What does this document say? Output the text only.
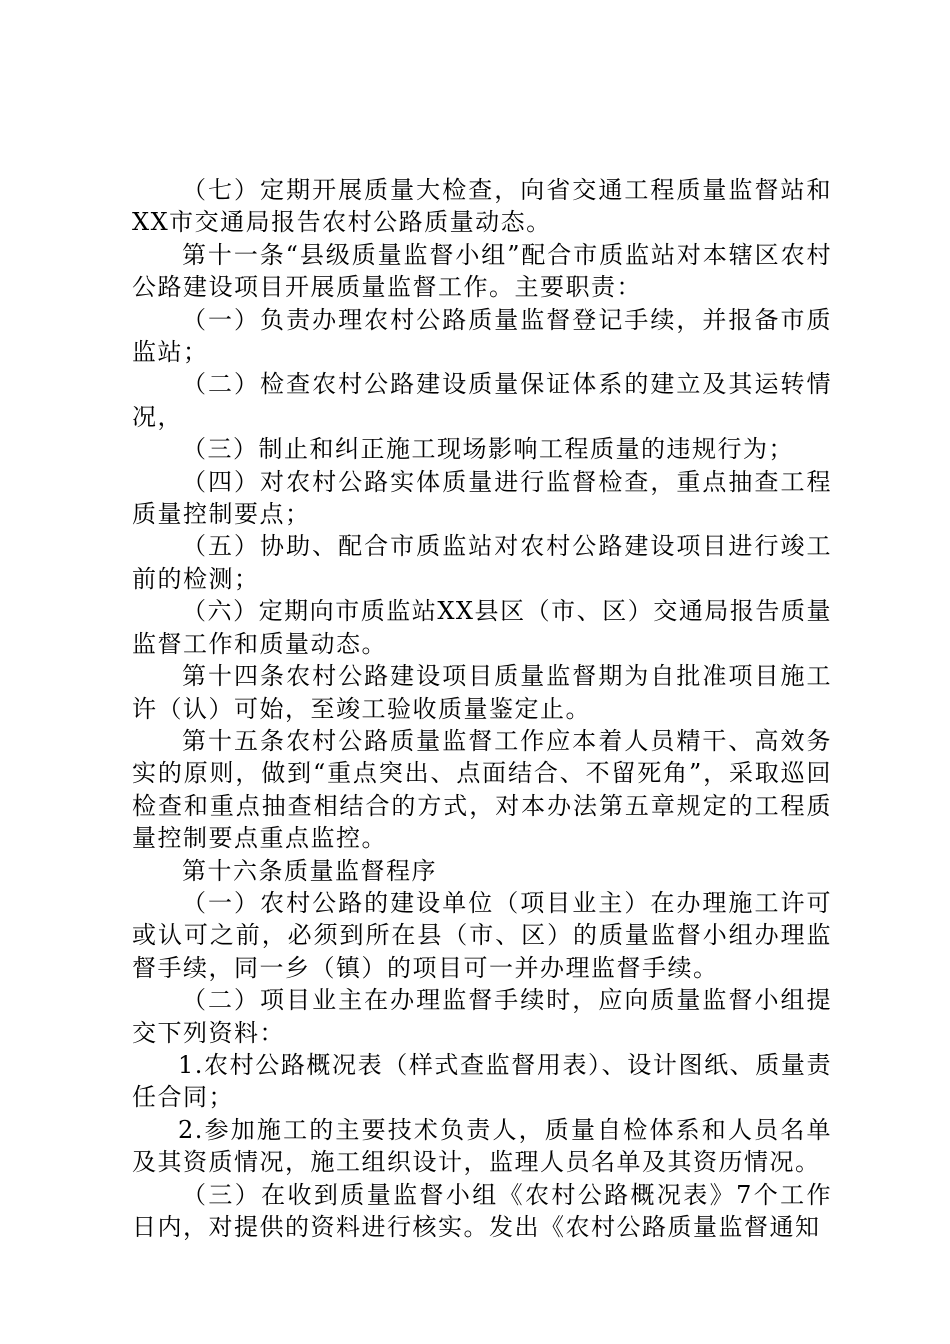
（七）定期开展质量大检查，向省交通工程质量监督站和XX市交通局报告农村公路质量动态。

第十一条“县级质量监督小组”配合市质监站对本辖区农村公路建设项目开展质量监督工作。主要职责：

（一）负责办理农村公路质量监督登记手续，并报备市质监站；

（二）检查农村公路建设质量保证体系的建立及其运转情况，

（三）制止和纠正施工现场影响工程质量的违规行为；

（四）对农村公路实体质量进行监督检查，重点抽查工程质量控制要点；

（五）协助、配合市质监站对农村公路建设项目进行竣工前的检测；

（六）定期向市质监站XX县区（市、区）交通局报告质量监督工作和质量动态。

第十四条农村公路建设项目质量监督期为自批准项目施工许（认）可始，至竣工验收质量鉴定止。

第十五条农村公路质量监督工作应本着人员精干、高效务实的原则，做到“重点突出、点面结合、不留死角”，采取巡回检查和重点抽查相结合的方式，对本办法第五章规定的工程质量控制要点重点监控。

第十六条质量监督程序

（一）农村公路的建设单位（项目业主）在办理施工许可或认可之前，必须到所在县（市、区）的质量监督小组办理监督手续，同一乡（镇）的项目可一并办理监督手续。

（二）项目业主在办理监督手续时，应向质量监督小组提交下列资料：

1.农村公路概况表（样式查监督用表）、设计图纸、质量责任合同；

2.参加施工的主要技术负责人，质量自检体系和人员名单及其资质情况，施工组织设计，监理人员名单及其资历情况。

（三）在收到质量监督小组《农村公路概况表》7个工作日内，对提供的资料进行核实。发出《农村公路质量监督通知
